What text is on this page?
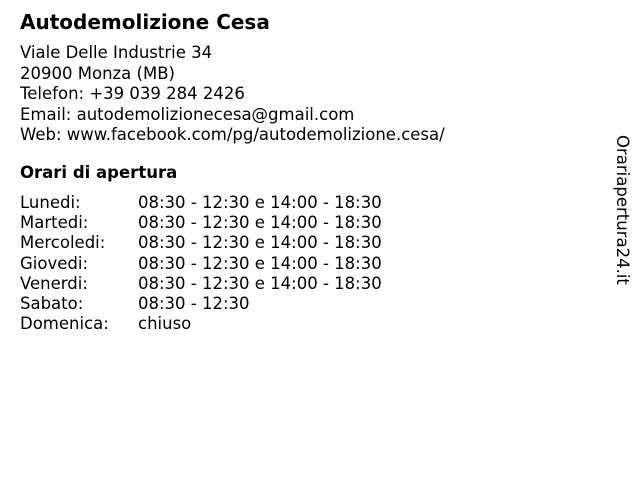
Autodemolizione Cesa
Viale Delle Industrie 34
20900 Monza (MB)
Telefon: +39 039 284 2426
Email: autodemolizionecesa@gmail.com
Web: www.facebook.com/pg/autodemolizione.cesa/
Orari di apertura
Lunedi:	08:30 - 12:30 e 14:00 - 18:30
Martedi:	08:30 - 12:30 e 14:00 - 18:30
Mercoledi: 08:30 - 12:30 e 14:00 - 18:30
Giovedi:	08:30 - 12:30 e 14:00 - 18:30
Venerdi:	08:30 - 12:30 e 14:00 - 18:30
Sabato:	08:30 - 12:30
Domenica: chiuso
Orariapertura24.it
